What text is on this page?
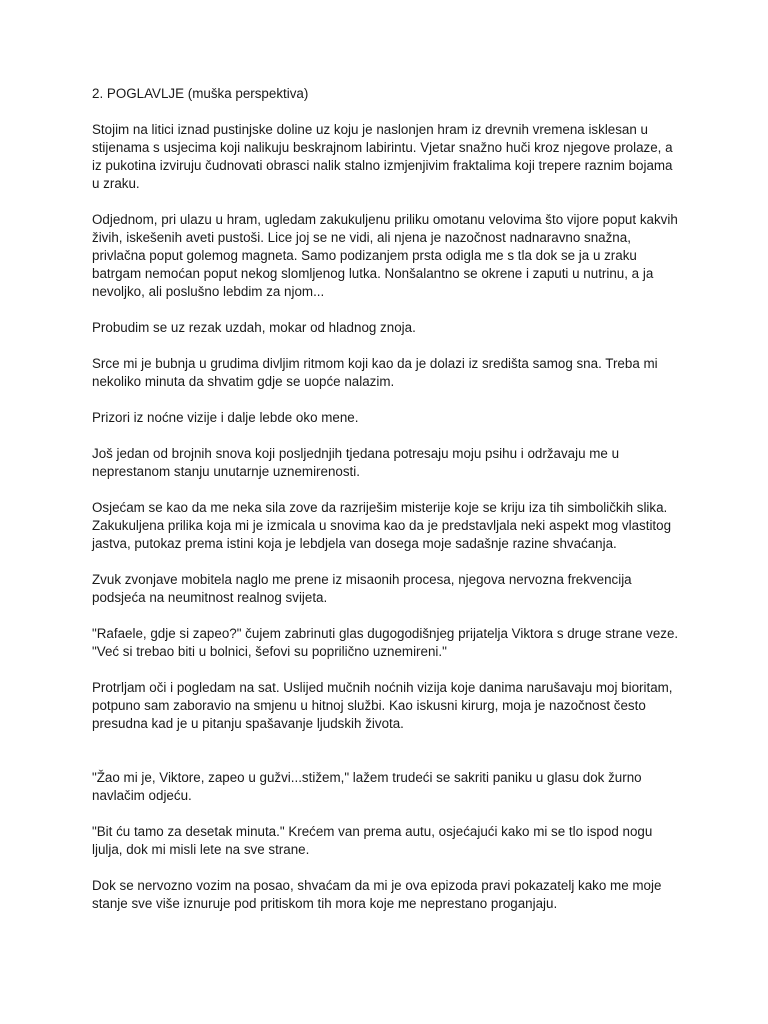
2. POGLAVLJE (muška perspektiva)

Stojim na litici iznad pustinjske doline uz koju je naslonjen hram iz drevnih vremena isklesan u stijenama s usjecima koji nalikuju beskrajnom labirintu. Vjetar snažno huči kroz njegove prolaze, a iz pukotina izviruju čudnovati obrasci nalik stalno izmjenjivim fraktalima koji trepere raznim bojama u zraku.

Odjednom, pri ulazu u hram, ugledam zakukuljenu priliku omotanu velovima što vijore poput kakvih živih, iskešenih aveti pustoši. Lice joj se ne vidi, ali njena je nazočnost nadnaravno snažna, privlačna poput golemog magneta. Samo podizanjem prsta odigla me s tla dok se ja u zraku batrgam nemoćan poput nekog slomljenog lutka. Nonšalantno se okrene i zaputi u nutrinu, a ja nevoljko, ali poslušno lebdim za njom...

Probudim se uz rezak uzdah, mokar od hladnog znoja.

Srce mi je bubnja u grudima divljim ritmom koji kao da je dolazi iz središta samog sna. Treba mi nekoliko minuta da shvatim gdje se uopće nalazim.

Prizori iz noćne vizije i dalje lebde oko mene.

Još jedan od brojnih snova koji posljednjih tjedana potresaju moju psihu i održavaju me u neprestanom stanju unutarnje uznemirenosti.

Osjećam se kao da me neka sila zove da razriješim misterije koje se kriju iza tih simboličkih slika. Zakukuljena prilika koja mi je izmicala u snovima kao da je predstavljala neki aspekt mog vlastitog jastva, putokaz prema istini koja je lebdjela van dosega moje sadašnje razine shvaćanja.

Zvuk zvonjave mobitela naglo me prene iz misaonih procesa, njegova nervozna frekvencija podsjeća na neumitnost realnog svijeta.

"Rafaele, gdje si zapeo?" čujem zabrinuti glas dugogodišnjeg prijatelja Viktora s druge strane veze. "Već si trebao biti u bolnici, šefovi su poprilično uznemireni."

Protrljam oči i pogledam na sat. Uslijed mučnih noćnih vizija koje danima narušavaju moj bioritam, potpuno sam zaboravio na smjenu u hitnoj službi. Kao iskusni kirurg, moja je nazočnost često presudna kad je u pitanju spašavanje ljudskih života.

"Žao mi je, Viktore, zapeo u gužvi...stižem," lažem trudeći se sakriti paniku u glasu dok žurno navlačim odjeću.

"Bit ću tamo za desetak minuta." Krećem van prema autu, osjećajući kako mi se tlo ispod nogu ljulja, dok mi misli lete na sve strane.

Dok se nervozno vozim na posao, shvaćam da mi je ova epizoda pravi pokazatelj kako me moje stanje sve više iznuruje pod pritiskom tih mora koje me neprestano proganjaju.
